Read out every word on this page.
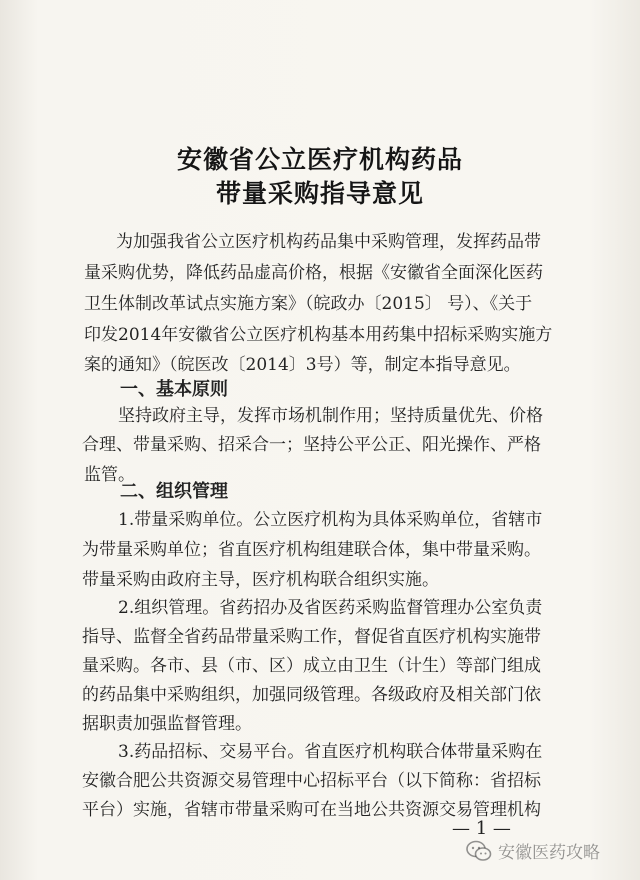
安徽省公立医疗机构药品
带量采购指导意见
为加强我省公立医疗机构药品集中采购管理，发挥药品带
量采购优势，降低药品虚高价格，根据《安徽省全面深化医药
卫生体制改革试点实施方案》（皖政办〔2015〕 号）、《关于
印发2014年安徽省公立医疗机构基本用药集中招标采购实施方
案的通知》（皖医改〔2014〕3号）等，制定本指导意见。
一、基本原则
坚持政府主导，发挥市场机制作用；坚持质量优先、价格
合理、带量采购、招采合一；坚持公平公正、阳光操作、严格
监管。
二、组织管理
1.带量采购单位。公立医疗机构为具体采购单位，省辖市
为带量采购单位；省直医疗机构组建联合体，集中带量采购。
带量采购由政府主导，医疗机构联合组织实施。
2.组织管理。省药招办及省医药采购监督管理办公室负责
指导、监督全省药品带量采购工作，督促省直医疗机构实施带
量采购。各市、县（市、区）成立由卫生（计生）等部门组成
的药品集中采购组织，加强同级管理。各级政府及相关部门依
据职责加强监督管理。
3.药品招标、交易平台。省直医疗机构联合体带量采购在
安徽合肥公共资源交易管理中心招标平台（以下简称：省招标
平台）实施，省辖市带量采购可在当地公共资源交易管理机构
— 1 —
安徽医药攻略
